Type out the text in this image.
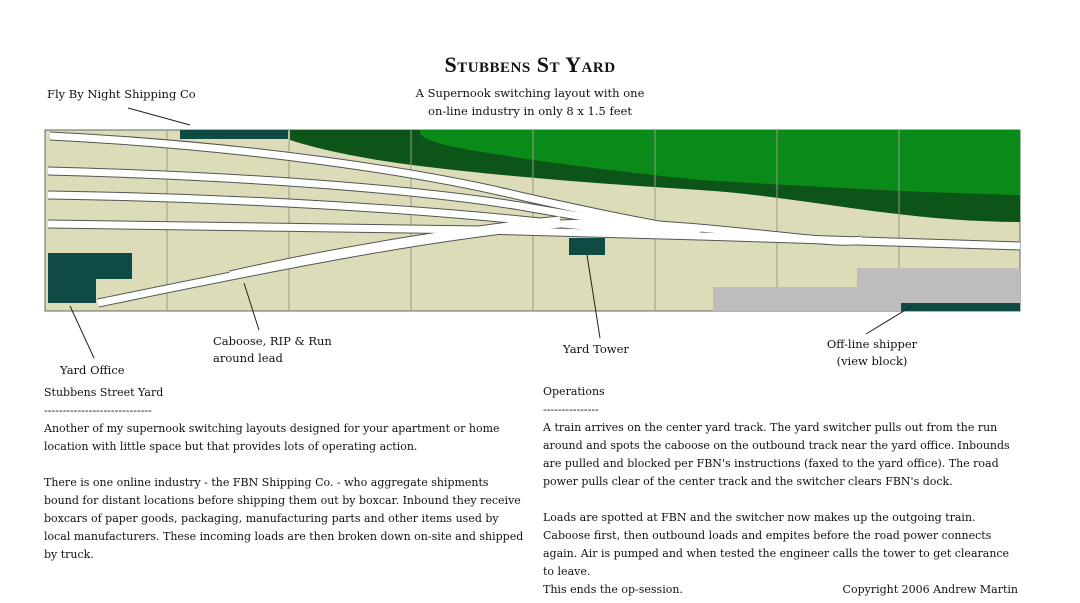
Stubbens St Yard
A Supernook switching layout with one
on-line industry in only 8 x 1.5 feet
Fly By Night Shipping Co
Yard Office
Caboose, RIP & Run
around lead
Yard Tower	Off-line shipper
(view block)
Stubbens Street Yard
-----------------------------

Another of my supernook switching layouts designed for your apartment or home location with little space but that provides lots of operating action.

There is one online industry - the FBN Shipping Co. - who aggregate shipments bound for distant locations before shipping them out by boxcar. Inbound they receive boxcars of paper goods, packaging, manufacturing parts and other items used by local manufacturers. These incoming loads are then broken down on-site and shipped by truck.

Operations
---------------

A train arrives on the center yard track. The yard switcher pulls out from the run around and spots the caboose on the outbound track near the yard office. Inbounds are pulled and blocked per FBN's instructions (faxed to the yard office). The road power pulls clear of the center track and the switcher clears FBN's dock.

Loads are spotted at FBN and the switcher now makes up the outgoing train. Caboose first, then outbound loads and empites before the road power connects again. Air is pumped and when tested the engineer calls the tower to get clearance to leave.

This ends the op-session.	Copyright 2006 Andrew Martin
